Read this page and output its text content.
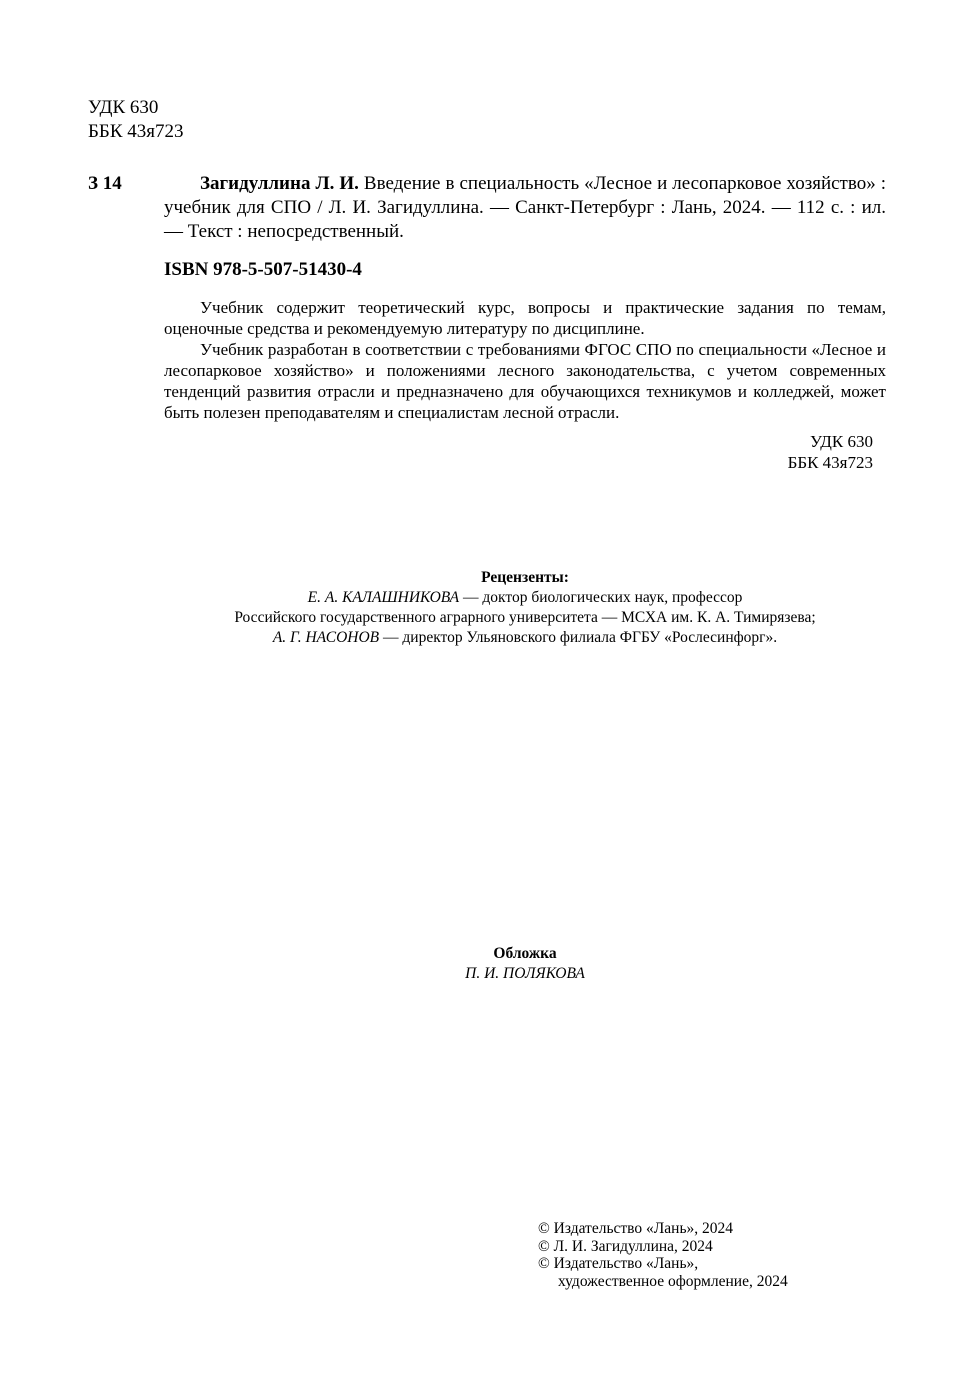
УДК 630
ББК 43я723
З 14	Загидуллина Л. И. Введение в специальность «Лесное и лесопарковое хозяйство» : учебник для СПО / Л. И. Загидуллина. — Санкт-Петербург : Лань, 2024. — 112 с. : ил. — Текст : непосредственный.
ISBN 978-5-507-51430-4

Учебник содержит теоретический курс, вопросы и практические задания по темам, оценочные средства и рекомендуемую литературу по дисциплине.

Учебник разработан в соответствии с требованиями ФГОС СПО по специальности «Лесное и лесопарковое хозяйство» и положениями лесного законодательства, с учетом современных тенденций развития отрасли и предназначено для обучающихся техникумов и колледжей, может быть полезен преподавателям и специалистам лесной отрасли.

УДК 630
ББК 43я723
Рецензенты:
Е. А. КАЛАШНИКОВА — доктор биологических наук, профессор
Российского государственного аграрного университета — МСХА им. К. А. Тимирязева;
А. Г. НАСОНОВ — директор Ульяновского филиала ФГБУ «Рослесинфорг».
Обложка
П. И. ПОЛЯКОВА
© Издательство «Лань», 2024
© Л. И. Загидуллина, 2024
© Издательство «Лань»,
художественное оформление, 2024
